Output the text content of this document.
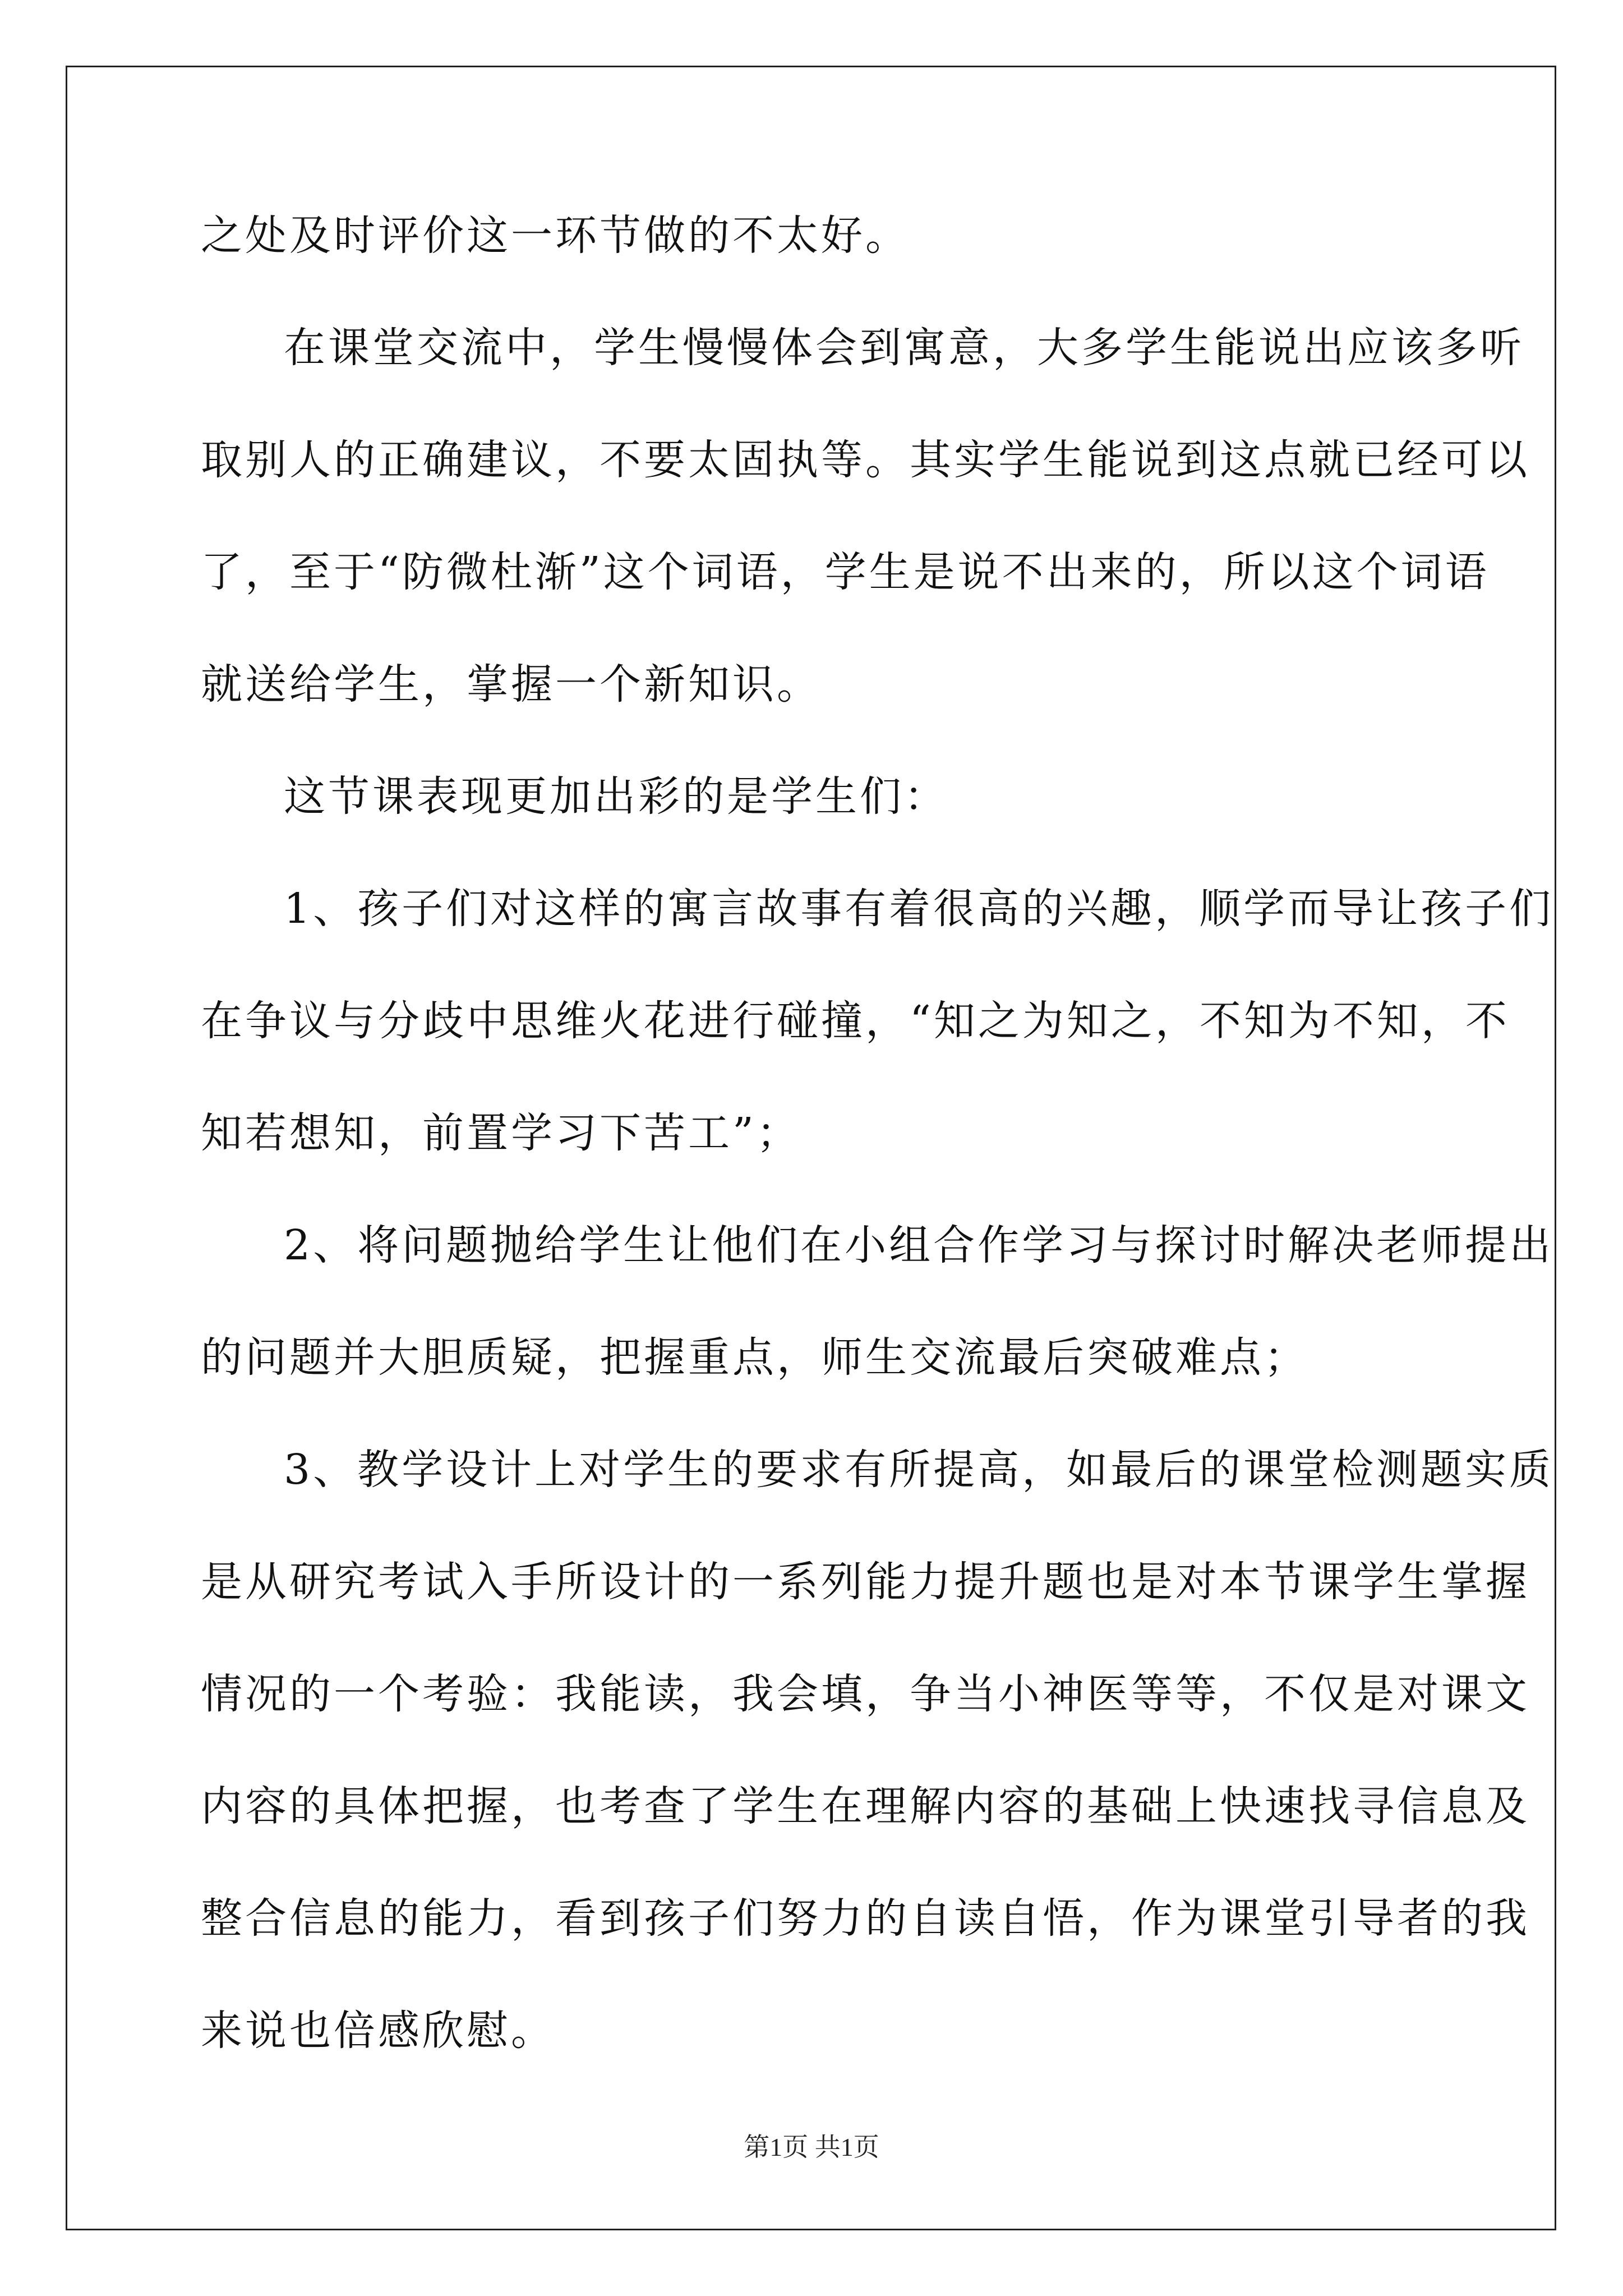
之处及时评价这一环节做的不太好。
在课堂交流中，学生慢慢体会到寓意，大多学生能说出应该多听
取别人的正确建议，不要太固执等。其实学生能说到这点就已经可以
了，至于“防微杜渐”这个词语，学生是说不出来的，所以这个词语
就送给学生，掌握一个新知识。
这节课表现更加出彩的是学生们：
1、孩子们对这样的寓言故事有着很高的兴趣，顺学而导让孩子们
在争议与分歧中思维火花进行碰撞，“知之为知之，不知为不知，不
知若想知，前置学习下苦工”；
2、将问题抛给学生让他们在小组合作学习与探讨时解决老师提出
的问题并大胆质疑，把握重点，师生交流最后突破难点；
3、教学设计上对学生的要求有所提高，如最后的课堂检测题实质
是从研究考试入手所设计的一系列能力提升题也是对本节课学生掌握
情况的一个考验：我能读，我会填，争当小神医等等，不仅是对课文
内容的具体把握，也考查了学生在理解内容的基础上快速找寻信息及
整合信息的能力，看到孩子们努力的自读自悟，作为课堂引导者的我
来说也倍感欣慰。
第1页 共1页
